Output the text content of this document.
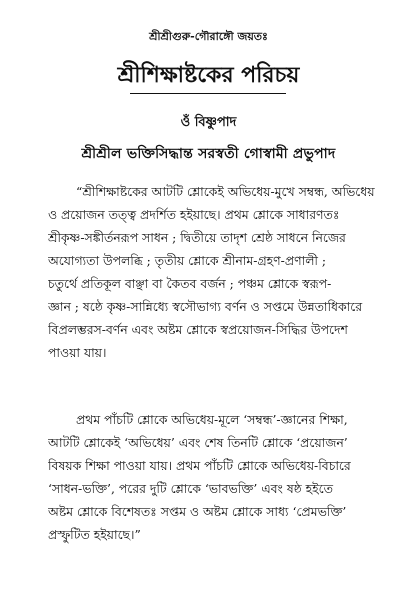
শ্রীশ্রীগুরু-গৌরাঙ্গৌ জয়তঃ
শ্রীশিক্ষাষ্টকের পরিচয়
ওঁ বিষ্ণুপাদ
শ্রীশ্রীল ভক্তিসিদ্ধান্ত সরস্বতী গোস্বামী প্রভুপাদ
“শ্রীশিক্ষাষ্টকের আটটি শ্লোকেই অভিধেয়-মুখে সম্বন্ধ, অভিধেয়
ও প্রয়োজন তত্ত্ব প্রদর্শিত হইয়াছে। প্রথম শ্লোকে সাধারণতঃ
শ্রীকৃষ্ণ-সঙ্কীর্তনরূপ সাধন ; দ্বিতীয়ে তাদৃশ শ্রেষ্ঠ সাধনে নিজের
অযোগ্যতা উপলব্ধি ; তৃতীয় শ্লোকে শ্রীনাম-গ্রহণ-প্রণালী ;
চতুর্থে প্রতিকূল বাঞ্ছা বা কৈতব বর্জন ; পঞ্চম শ্লোকে স্বরূপ-
জ্ঞান ; ষষ্ঠে কৃষ্ণ-সান্নিধ্যে স্বসৌভাগ্য বর্ণন ও সপ্তমে উন্নতাধিকারে
বিপ্রলম্ভরস-বর্ণন এবং অষ্টম শ্লোকে স্বপ্রয়োজন-সিদ্ধির উপদেশ
পাওয়া যায়।
প্রথম পাঁচটি শ্লোকে অভিধেয়-মূলে ‘সম্বন্ধ’-জ্ঞানের শিক্ষা,
আটটি শ্লোকেই ‘অভিধেয়’ এবং শেষ তিনটি শ্লোকে ‘প্রয়োজন’
বিষয়ক শিক্ষা পাওয়া যায়। প্রথম পাঁচটি শ্লোকে অভিধেয়-বিচারে
‘সাধন-ভক্তি’, পরের দুটি শ্লোকে ‘ভাবভক্তি’ এবং ষষ্ঠ হইতে
অষ্টম শ্লোকে বিশেষতঃ সপ্তম ও অষ্টম শ্লোকে সাধ্য ‘প্রেমভক্তি’
প্রস্ফুটিত হইয়াছে।”
